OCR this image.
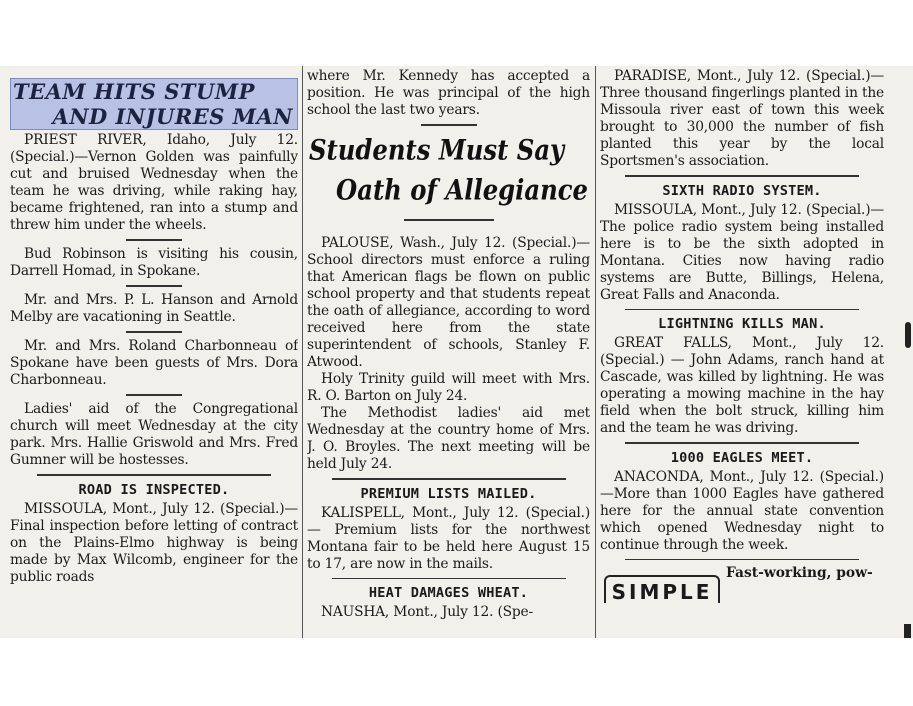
TEAM HITS STUMP

AND INJURES MAN

PRIEST RIVER, Idaho, July 12. (Special.)—Vernon Golden was painfully cut and bruised Wednesday when the team he was driving, while raking hay, became frightened, ran into a stump and threw him under the wheels.

Bud Robinson is visiting his cousin, Darrell Homad, in Spokane.

Mr. and Mrs. P. L. Hanson and Arnold Melby are vacationing in Seattle.

Mr. and Mrs. Roland Charbonneau of Spokane have been guests of Mrs. Dora Charbonneau.

Ladies' aid of the Congregational church will meet Wednesday at the city park. Mrs. Hallie Griswold and Mrs. Fred Gumner will be hostesses.

ROAD IS INSPECTED.

MISSOULA, Mont., July 12. (Special.)—Final inspection before letting of contract on the Plains-Elmo highway is being made by Max Wilcomb, engineer for the public roads

where Mr. Kennedy has accepted a position. He was principal of the high school the last two years.

Students Must Say

Oath of Allegiance

PALOUSE, Wash., July 12. (Special.)—School directors must enforce a ruling that American flags be flown on public school property and that students repeat the oath of allegiance, according to word received here from the state superintendent of schools, Stanley F. Atwood.

Holy Trinity guild will meet with Mrs. R. O. Barton on July 24.

The Methodist ladies' aid met Wednesday at the country home of Mrs. J. O. Broyles. The next meeting will be held July 24.

PREMIUM LISTS MAILED.

KALISPELL, Mont., July 12. (Special.) — Premium lists for the northwest Montana fair to be held here August 15 to 17, are now in the mails.

HEAT DAMAGES WHEAT.

NAUSHA, Mont., July 12. (Spe-

PARADISE, Mont., July 12. (Special.)—Three thousand fingerlings planted in the Missoula river east of town this week brought to 30,000 the number of fish planted this year by the local Sportsmen's association.

SIXTH RADIO SYSTEM.

MISSOULA, Mont., July 12. (Special.)—The police radio system being installed here is to be the sixth adopted in Montana. Cities now having radio systems are Butte, Billings, Helena, Great Falls and Anaconda.

LIGHTNING KILLS MAN.

GREAT FALLS, Mont., July 12. (Special.) — John Adams, ranch hand at Cascade, was killed by lightning. He was operating a mowing machine in the hay field when the bolt struck, killing him and the team he was driving.

1000 EAGLES MEET.

ANACONDA, Mont., July 12. (Special.)—More than 1000 Eagles have gathered here for the annual state convention which opened Wednesday night to continue through the week.

SIMPLE
Fast-working, pow-
